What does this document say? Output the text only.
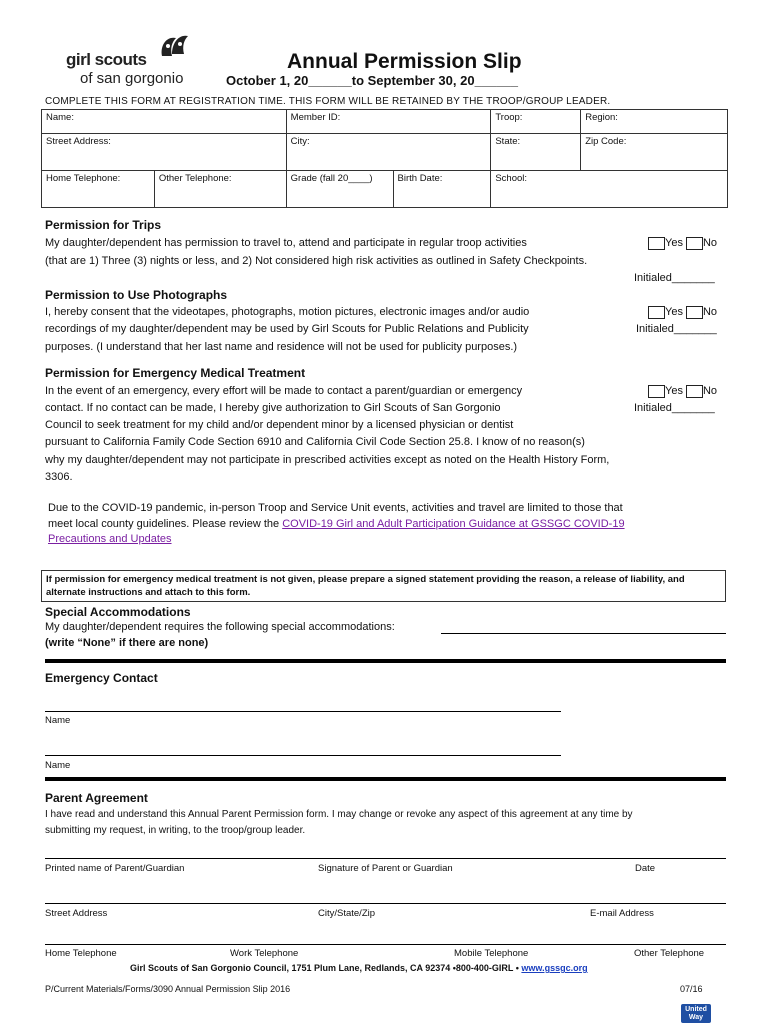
girl scouts
of san gorgonio
Annual Permission Slip
October 1, 20______to September 30, 20______
COMPLETE THIS FORM AT REGISTRATION TIME. THIS FORM WILL BE RETAINED BY THE TROOP/GROUP LEADER.
Name:		Member ID:		Troop:	Region:
Street Address:		City:		State:	Zip Code:
Home Telephone:	Other Telephone:	Grade (fall 20____)	Birth Date:	School:	
Permission for Trips
My daughter/dependent has permission to travel to, attend and participate in regular troop activities
(that are 1) Three (3) nights or less, and 2) Not considered high risk activities as outlined in Safety Checkpoints.
Yes No
Initialed_______
Permission to Use Photographs
I, hereby consent that the videotapes, photographs, motion pictures, electronic images and/or audio
recordings of my daughter/dependent may be used by Girl Scouts for Public Relations and Publicity
purposes. (I understand that her last name and residence will not be used for publicity purposes.)
Yes No
Initialed_______
Permission for Emergency Medical Treatment
In the event of an emergency, every effort will be made to contact a parent/guardian or emergency
contact. If no contact can be made, I hereby give authorization to Girl Scouts of San Gorgonio
Council to seek treatment for my child and/or dependent minor by a licensed physician or dentist
pursuant to California Family Code Section 6910 and California Civil Code Section 25.8. I know of no reason(s)
why my daughter/dependent may not participate in prescribed activities except as noted on the Health History Form,
3306.
Yes No
Initialed_______
Due to the COVID-19 pandemic, in-person Troop and Service Unit events, activities and travel are limited to those that
meet local county guidelines. Please review the COVID-19 Girl and Adult Participation Guidance at GSSGC COVID-19
Precautions and Updates
If permission for emergency medical treatment is not given, please prepare a signed statement providing the reason, a release of liability, and alternate instructions and attach to this form.
Special Accommodations
My daughter/dependent requires the following special accommodations:
(write “None” if there are none)
Emergency Contact
Name
Name
Parent Agreement
I have read and understand this Annual Parent Permission form. I may change or revoke any aspect of this agreement at any time by
submitting my request, in writing, to the troop/group leader.
Printed name of Parent/Guardian	Signature of Parent or Guardian	Date
Street Address	City/State/Zip	E-mail Address
Home Telephone	Work Telephone	Mobile Telephone	Other Telephone
Girl Scouts of San Gorgonio Council, 1751 Plum Lane, Redlands, CA 92374 •800-400-GIRL • www.gssgc.org
P/Current Materials/Forms/3090 Annual Permission Slip 2016	07/16
United Way
